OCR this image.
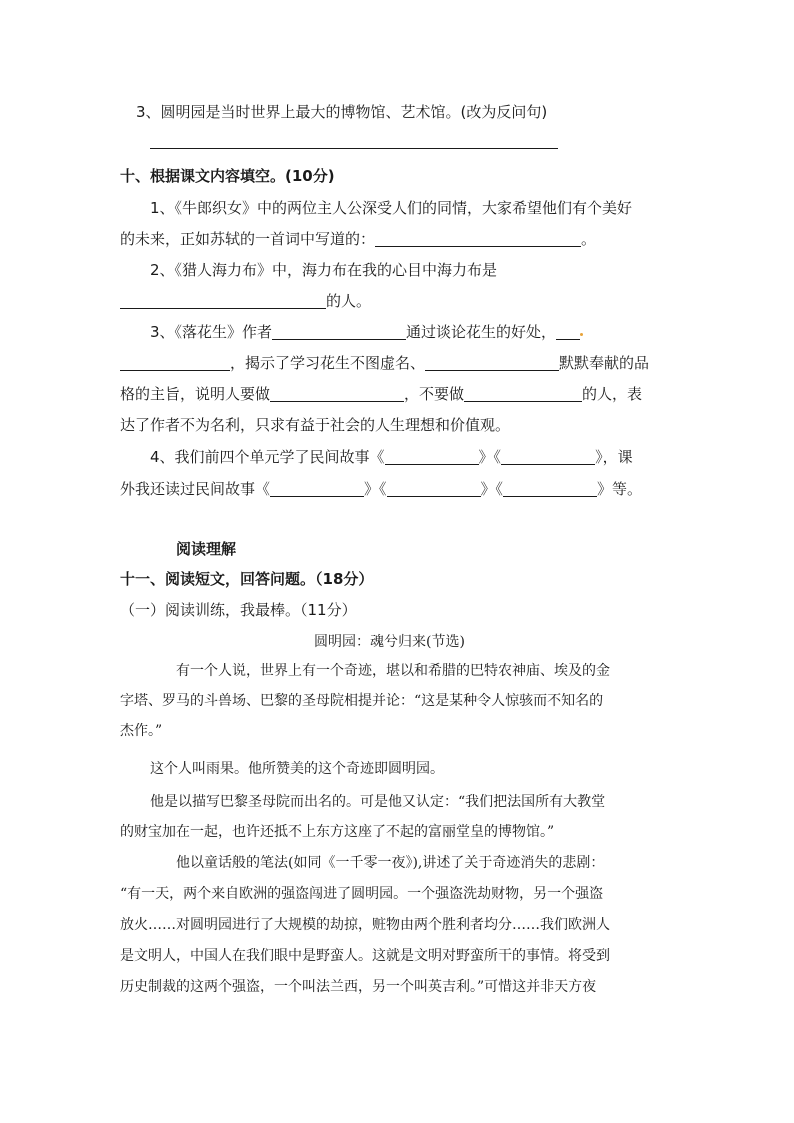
3、圆明园是当时世界上最大的博物馆、艺术馆。(改为反问句)
十、根据课文内容填空。(10分)
1、《牛郎织女》中的两位主人公深受人们的同情，大家希望他们有个美好
的未来，正如苏轼的一首词中写道的：	。
2、《猎人海力布》中，海力布在我的心目中海力布是
的人。
3、《落花生》作者	通过谈论花生的好处，
，揭示了学习花生不图虚名、	默默奉献的品
格的主旨，说明人要做	，不要做	的人，表
达了作者不为名利，只求有益于社会的人生理想和价值观。
4、我们前四个单元学了民间故事《	》《	》，课
外我还读过民间故事《	》《	》《	》等。
阅读理解
十一、阅读短文，回答问题。（18分）
（一）阅读训练，我最棒。（11分）
圆明园：魂兮归来(节选)
有一个人说，世界上有一个奇迹，堪以和希腊的巴特农神庙、埃及的金
字塔、罗马的斗兽场、巴黎的圣母院相提并论：“这是某种令人惊骇而不知名的
杰作。”
这个人叫雨果。他所赞美的这个奇迹即圆明园。
他是以描写巴黎圣母院而出名的。可是他又认定：“我们把法国所有大教堂
的财宝加在一起，也许还抵不上东方这座了不起的富丽堂皇的博物馆。”
他以童话般的笔法(如同《一千零一夜》),讲述了关于奇迹消失的悲剧：
“有一天，两个来自欧洲的强盗闯进了圆明园。一个强盗洗劫财物，另一个强盗
放火……对圆明园进行了大规模的劫掠，赃物由两个胜利者均分……我们欧洲人
是文明人，中国人在我们眼中是野蛮人。这就是文明对野蛮所干的事情。将受到
历史制裁的这两个强盗，一个叫法兰西，另一个叫英吉利。”可惜这并非天方夜
